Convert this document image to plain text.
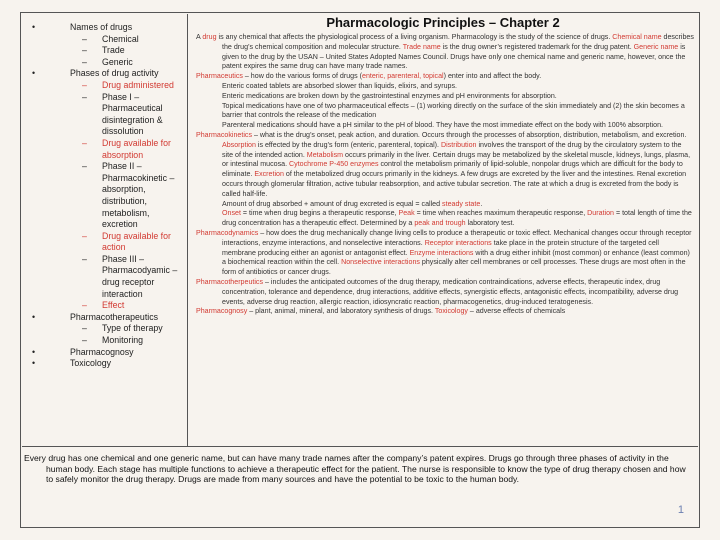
• Names of drugs
– Chemical
– Trade
– Generic
• Phases of drug activity
– Drug administered
– Phase I – Pharmaceutical disintegration & dissolution
– Drug available for absorption
– Phase II – Pharmacokinetic – absorption, distribution, metabolism, excretion
– Drug available for action
– Phase III – Pharmacodyamic – drug receptor interaction
– Effect
• Pharmacotherapeutics
– Type of therapy
– Monitoring
• Pharmacognosy
• Toxicology
Pharmacologic Principles – Chapter 2

A drug is any chemical that affects the physiological process of a living organism. Pharmacology is the study of the science of drugs. Chemical name describes the drug’s chemical composition and molecular structure. Trade name is the drug owner’s registered trademark for the drug patent. Generic name is given to the drug by the USAN – United States Adopted Names Council. Drugs have only one chemical name and generic name, however, once the patent expires the same drug can have many trade names.

Pharmaceutics – how do the various forms of drugs (enteric, parenteral, topical) enter into and affect the body.

Enteric coated tablets are absorbed slower than liquids, elixirs, and syrups.

Enteric medications are broken down by the gastrointestinal enzymes and pH environments for absorption.

Topical medications have one of two pharmaceutical effects – (1) working directly on the surface of the skin immediately and (2) the skin becomes a barrier that controls the release of the medication

Parenteral medications should have a pH similar to the pH of blood. They have the most immediate effect on the body with 100% absorption.

Pharmacokinetics – what is the drug’s onset, peak action, and duration. Occurs through the processes of absorption, distribution, metabolism, and excretion. Absorption is effected by the drug’s form (enteric, parenteral, topical). Distribution involves the transport of the drug by the circulatory system to the site of the intended action. Metabolism occurs primarily in the liver. Certain drugs may be metabolized by the skeletal muscle, kidneys, lungs, plasma, or intestinal mucosa. Cytochrome P-450 enzymes control the metabolism primarily of lipid-soluble, nonpolar drugs which are difficult for the body to eliminate. Excretion of the metabolized drug occurs primarily in the kidneys. A few drugs are excreted by the liver and the intestines. Renal excretion occurs through glomerular filtration, active tubular reabsorption, and active tubular secretion. The rate at which a drug is excreted from the body is called half-life.

Amount of drug absorbed + amount of drug excreted is equal = called steady state.

Onset = time when drug begins a therapeutic response, Peak = time when reaches maximum therapeutic response, Duration = total length of time the drug concentration has a therapeutic effect. Determined by a peak and trough laboratory test.

Pharmacodynamics – how does the drug mechanically change living cells to produce a therapeutic or toxic effect. Mechanical changes occur through receptor interactions, enzyme interactions, and nonselective interactions. Receptor interactions take place in the protein structure of the targeted cell membrane producing either an agonist or antagonist effect. Enzyme interactions with a drug either inhibit (most common) or enhance (least common) a biochemical reaction within the cell. Nonselective interactions physically alter cell membranes or cell processes. These drugs are most often in the form of antibiotics or cancer drugs.

Pharmacotherpeutics – includes the anticipated outcomes of the drug therapy, medication contraindications, adverse effects, therapeutic index, drug concentration, tolerance and dependence, drug interactions, additive effects, synergistic effects, antagonistic effects, incompatibility, adverse drug events, adverse drug reaction, allergic reaction, idiosyncratic reaction, pharmacogenetics, drug-induced teratogenesis.

Pharmacognosy – plant, animal, mineral, and laboratory synthesis of drugs. Toxicology – adverse effects of chemicals

Every drug has one chemical and one generic name, but can have many trade names after the company’s patent expires. Drugs go through three phases of activity in the human body. Each stage has multiple functions to achieve a therapeutic effect for the patient. The nurse is responsible to know the type of drug therapy chosen and how to safely monitor the drug therapy. Drugs are made from many sources and have the potential to be toxic to the human body.
1
